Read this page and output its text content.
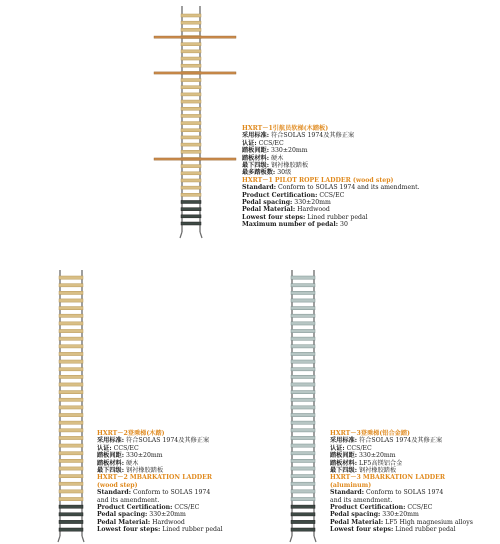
HXRT－1引航员软梯(木踏板)
采用标准: 符合SOLAS 1974及其修正案
认证: CCS/EC
踏板间距: 330±20mm
踏板材料: 硬木
最下四级: 钢衬橡胶踏板
最多踏板数: 30级
HXRT－1 PILOT ROPE LADDER (wood step)
Standard: Conform to SOLAS 1974 and its amendment.
Product Certification: CCS/EC
Pedal spacing: 330±20mm
Pedal Material: Hardwood
Lowest four steps: Lined rubber pedal
Maximum number of pedal: 30
HXRT－2登乘梯(木踏)
采用标准: 符合SOLAS 1974及其修正案
认证: CCS/EC
踏板间距: 330±20mm
踏板材料: 硬木
最下四级: 钢衬橡胶踏板
HXRT－2 MBARKATION LADDER (wood step)
Standard: Conform to SOLAS 1974 and its amendment.
Product Certification: CCS/EC
Pedal spacing: 330±20mm
Pedal Material: Hardwood
Lowest four steps: Lined rubber pedal
HXRT－3登乘梯(铝合金踏)
采用标准: 符合SOLAS 1974及其修正案
认证: CCS/EC
踏板间距: 330±20mm
踏板材料: LF5高镁铝合金
最下四级: 钢衬橡胶踏板
HXRT－3 MBARKATION LADDER (aluminum)
Standard: Conform to SOLAS 1974 and its amendment.
Product Certification: CCS/EC
Pedal spacing: 330±20mm
Pedal Material: LF5 High magnesium alloys
Lowest four steps: Lined rubber pedal
